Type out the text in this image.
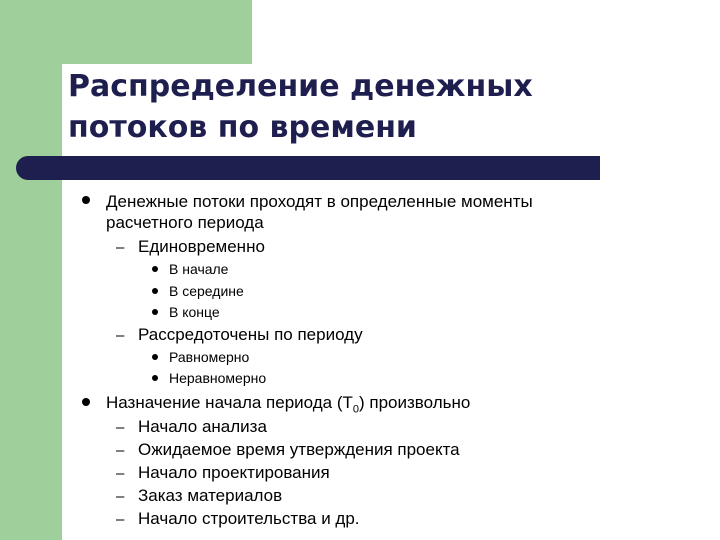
Распределение денежных потоков по времени
Денежные потоки проходят в определенные моменты
расчетного периода
– Единовременно
В начале
В середине
В конце
– Рассредоточены по периоду
Равномерно
Неравномерно
Назначение начала периода $(T_0)$ произвольно
– Начало анализа
– Ожидаемое время утверждения проекта
– Начало проектирования
– Заказ материалов
– Начало строительства и др.
